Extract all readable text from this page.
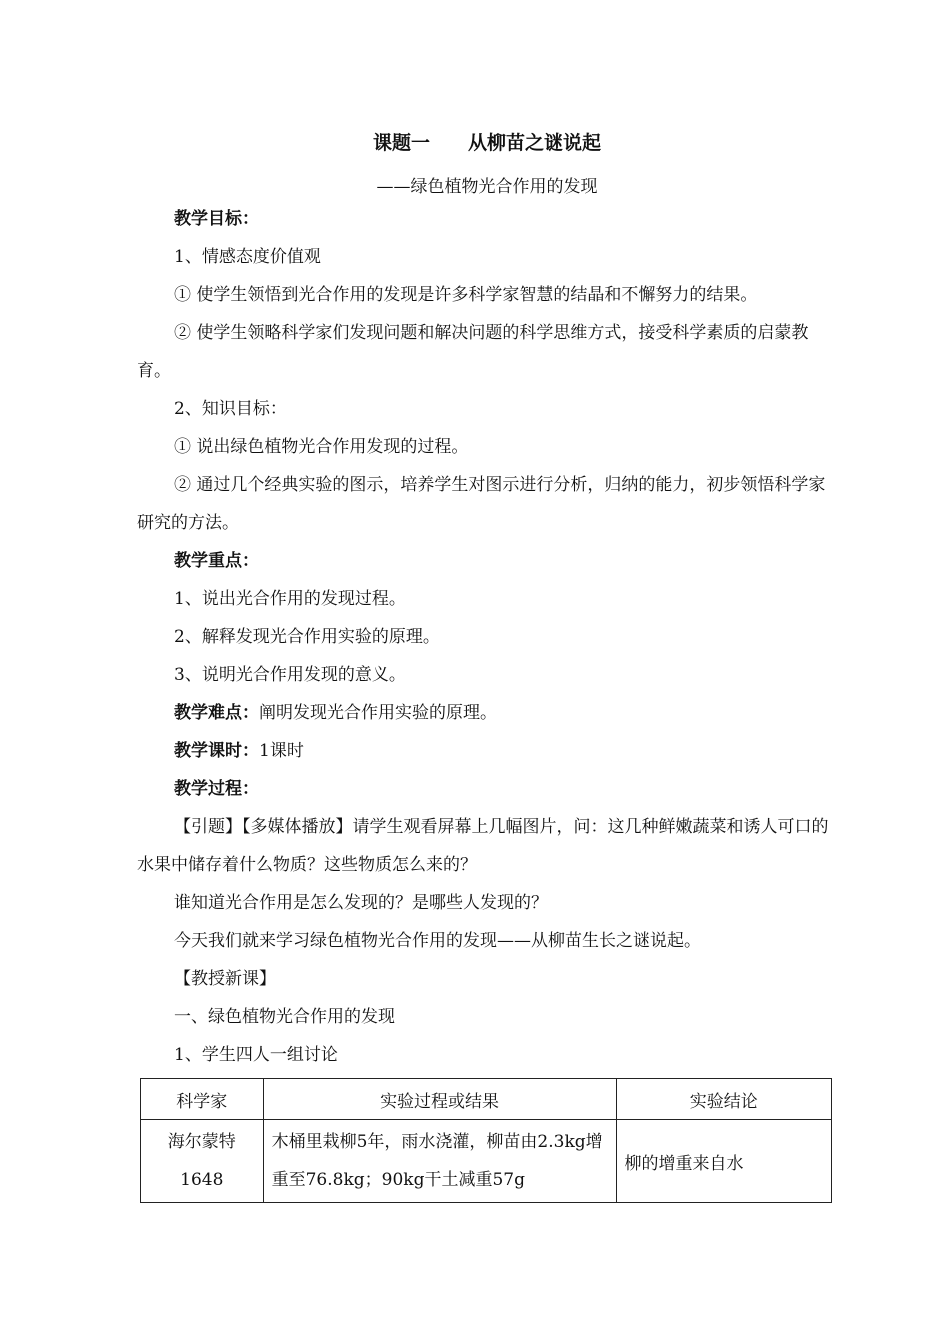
课题一　　从柳苗之谜说起
——绿色植物光合作用的发现

教学目标：

1、情感态度价值观

① 使学生领悟到光合作用的发现是许多科学家智慧的结晶和不懈努力的结果。

② 使学生领略科学家们发现问题和解决问题的科学思维方式，接受科学素质的启蒙教育。

2、知识目标：

① 说出绿色植物光合作用发现的过程。

② 通过几个经典实验的图示，培养学生对图示进行分析，归纳的能力，初步领悟科学家研究的方法。

教学重点：

1、说出光合作用的发现过程。

2、解释发现光合作用实验的原理。

3、说明光合作用发现的意义。

教学难点：阐明发现光合作用实验的原理。

教学课时：1课时

教学过程：

【引题】【多媒体播放】请学生观看屏幕上几幅图片，问：这几种鲜嫩蔬菜和诱人可口的水果中储存着什么物质？这些物质怎么来的？

谁知道光合作用是怎么发现的？是哪些人发现的？

今天我们就来学习绿色植物光合作用的发现——从柳苗生长之谜说起。

【教授新课】

一、绿色植物光合作用的发现

1、学生四人一组讨论

科学家	实验过程或结果	实验结论

海尔蒙特
1648	木桶里栽柳5年，雨水浇灌，柳苗由2.3kg增重至76.8kg；90kg干土减重57g	柳的增重来自水
